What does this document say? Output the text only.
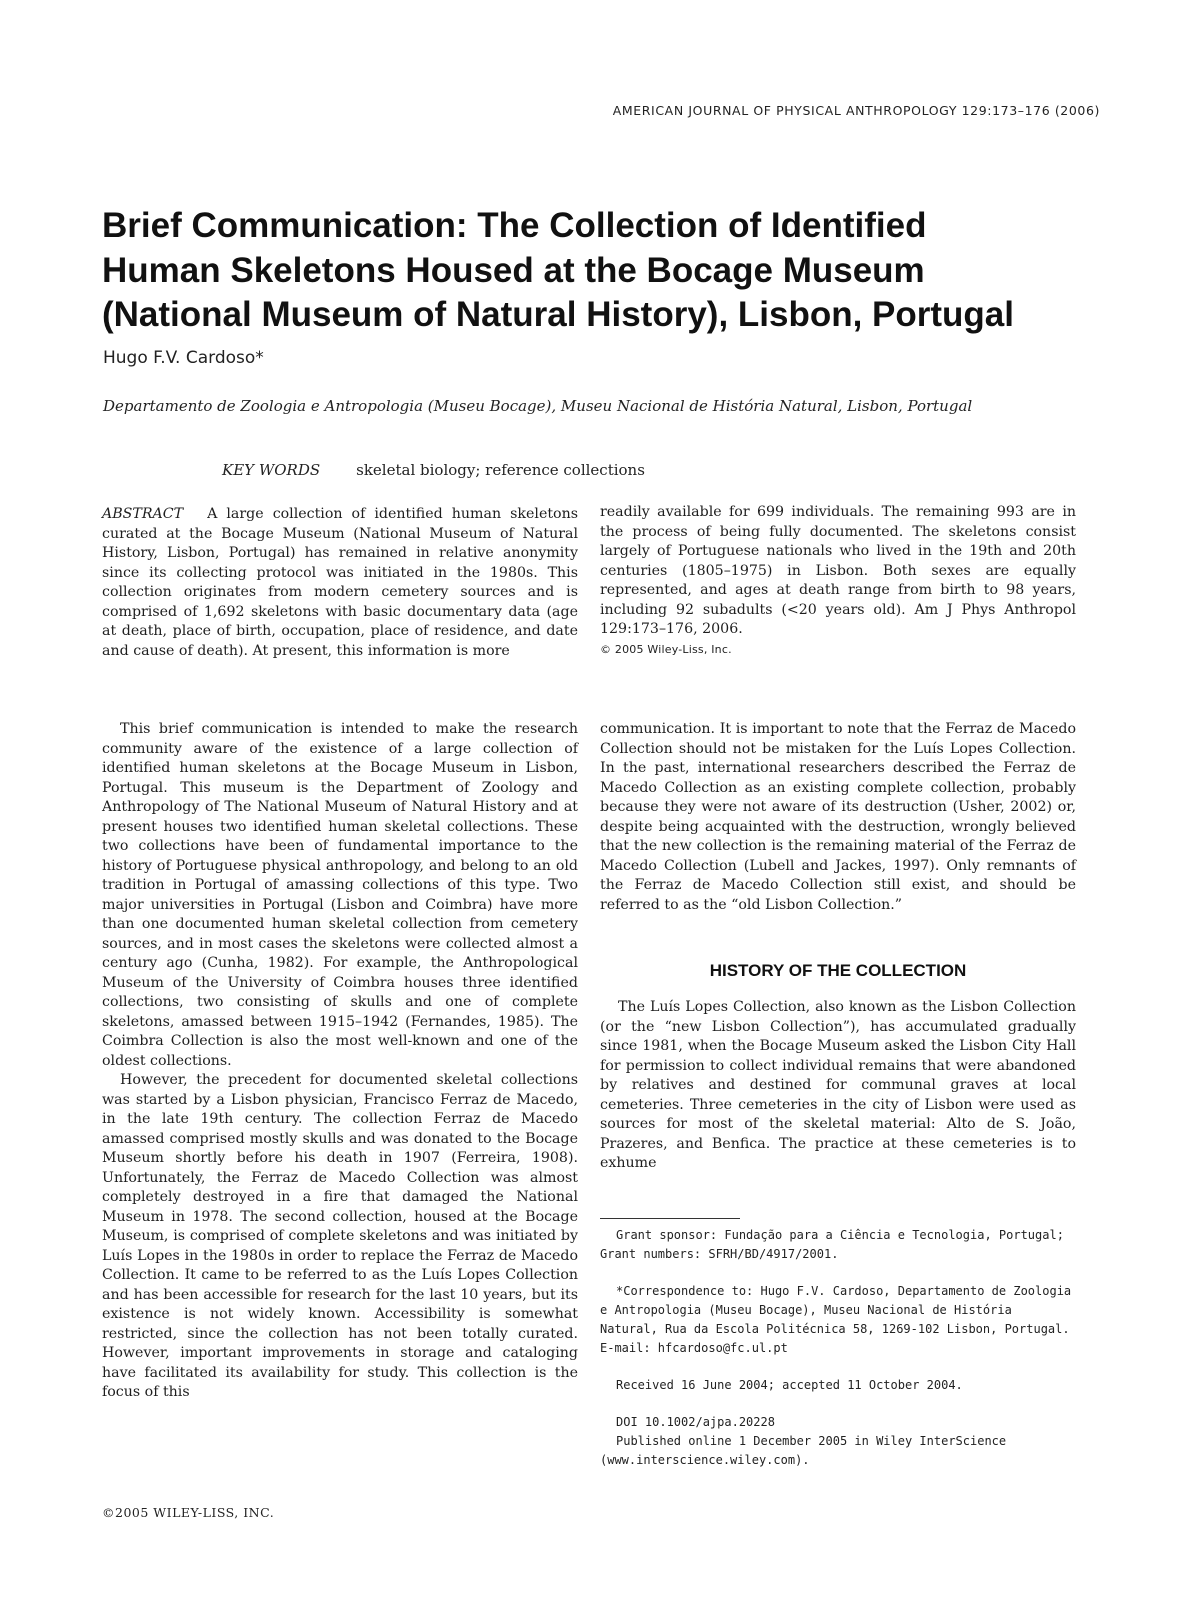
AMERICAN JOURNAL OF PHYSICAL ANTHROPOLOGY 129:173–176 (2006)
Brief Communication: The Collection of Identified
Human Skeletons Housed at the Bocage Museum
(National Museum of Natural History), Lisbon, Portugal
Hugo F.V. Cardoso*
Departamento de Zoologia e Antropologia (Museu Bocage), Museu Nacional de História Natural, Lisbon, Portugal
KEY WORDS skeletal biology; reference collections
ABSTRACT A large collection of identified human skeletons curated at the Bocage Museum (National Museum of Natural History, Lisbon, Portugal) has remained in relative anonymity since its collecting protocol was initiated in the 1980s. This collection originates from modern cemetery sources and is comprised of 1,692 skeletons with basic documentary data (age at death, place of birth, occupation, place of residence, and date and cause of death). At present, this information is more
readily available for 699 individuals. The remaining 993 are in the process of being fully documented. The skeletons consist largely of Portuguese nationals who lived in the 19th and 20th centuries (1805–1975) in Lisbon. Both sexes are equally represented, and ages at death range from birth to 98 years, including 92 subadults (<20 years old). Am J Phys Anthropol 129:173–176, 2006.
© 2005 Wiley-Liss, Inc.

This brief communication is intended to make the research community aware of the existence of a large collection of identified human skeletons at the Bocage Museum in Lisbon, Portugal. This museum is the Department of Zoology and Anthropology of The National Museum of Natural History and at present houses two identified human skeletal collections. These two collections have been of fundamental importance to the history of Portuguese physical anthropology, and belong to an old tradition in Portugal of amassing collections of this type. Two major universities in Portugal (Lisbon and Coimbra) have more than one documented human skeletal collection from cemetery sources, and in most cases the skeletons were collected almost a century ago (Cunha, 1982). For example, the Anthropological Museum of the University of Coimbra houses three identified collections, two consisting of skulls and one of complete skeletons, amassed between 1915–1942 (Fernandes, 1985). The Coimbra Collection is also the most well-known and one of the oldest collections.

However, the precedent for documented skeletal collections was started by a Lisbon physician, Francisco Ferraz de Macedo, in the late 19th century. The collection Ferraz de Macedo amassed comprised mostly skulls and was donated to the Bocage Museum shortly before his death in 1907 (Ferreira, 1908). Unfortunately, the Ferraz de Macedo Collection was almost completely destroyed in a fire that damaged the National Museum in 1978. The second collection, housed at the Bocage Museum, is comprised of complete skeletons and was initiated by Luís Lopes in the 1980s in order to replace the Ferraz de Macedo Collection. It came to be referred to as the Luís Lopes Collection and has been accessible for research for the last 10 years, but its existence is not widely known. Accessibility is somewhat restricted, since the collection has not been totally curated. However, important improvements in storage and cataloging have facilitated its availability for study. This collection is the focus of this

communication. It is important to note that the Ferraz de Macedo Collection should not be mistaken for the Luís Lopes Collection. In the past, international researchers described the Ferraz de Macedo Collection as an existing complete collection, probably because they were not aware of its destruction (Usher, 2002) or, despite being acquainted with the destruction, wrongly believed that the new collection is the remaining material of the Ferraz de Macedo Collection (Lubell and Jackes, 1997). Only remnants of the Ferraz de Macedo Collection still exist, and should be referred to as the “old Lisbon Collection.”

HISTORY OF THE COLLECTION

The Luís Lopes Collection, also known as the Lisbon Collection (or the “new Lisbon Collection”), has accumulated gradually since 1981, when the Bocage Museum asked the Lisbon City Hall for permission to collect individual remains that were abandoned by relatives and destined for communal graves at local cemeteries. Three cemeteries in the city of Lisbon were used as sources for most of the skeletal material: Alto de S. João, Prazeres, and Benfica. The practice at these cemeteries is to exhume

Grant sponsor: Fundação para a Ciência e Tecnologia, Portugal; Grant numbers: SFRH/BD/4917/2001.
*Correspondence to: Hugo F.V. Cardoso, Departamento de Zoologia e Antropologia (Museu Bocage), Museu Nacional de História Natural, Rua da Escola Politécnica 58, 1269-102 Lisbon, Portugal. E-mail: hfcardoso@fc.ul.pt
Received 16 June 2004; accepted 11 October 2004.
DOI 10.1002/ajpa.20228
Published online 1 December 2005 in Wiley InterScience (www.interscience.wiley.com).
©2005 WILEY-LISS, INC.
